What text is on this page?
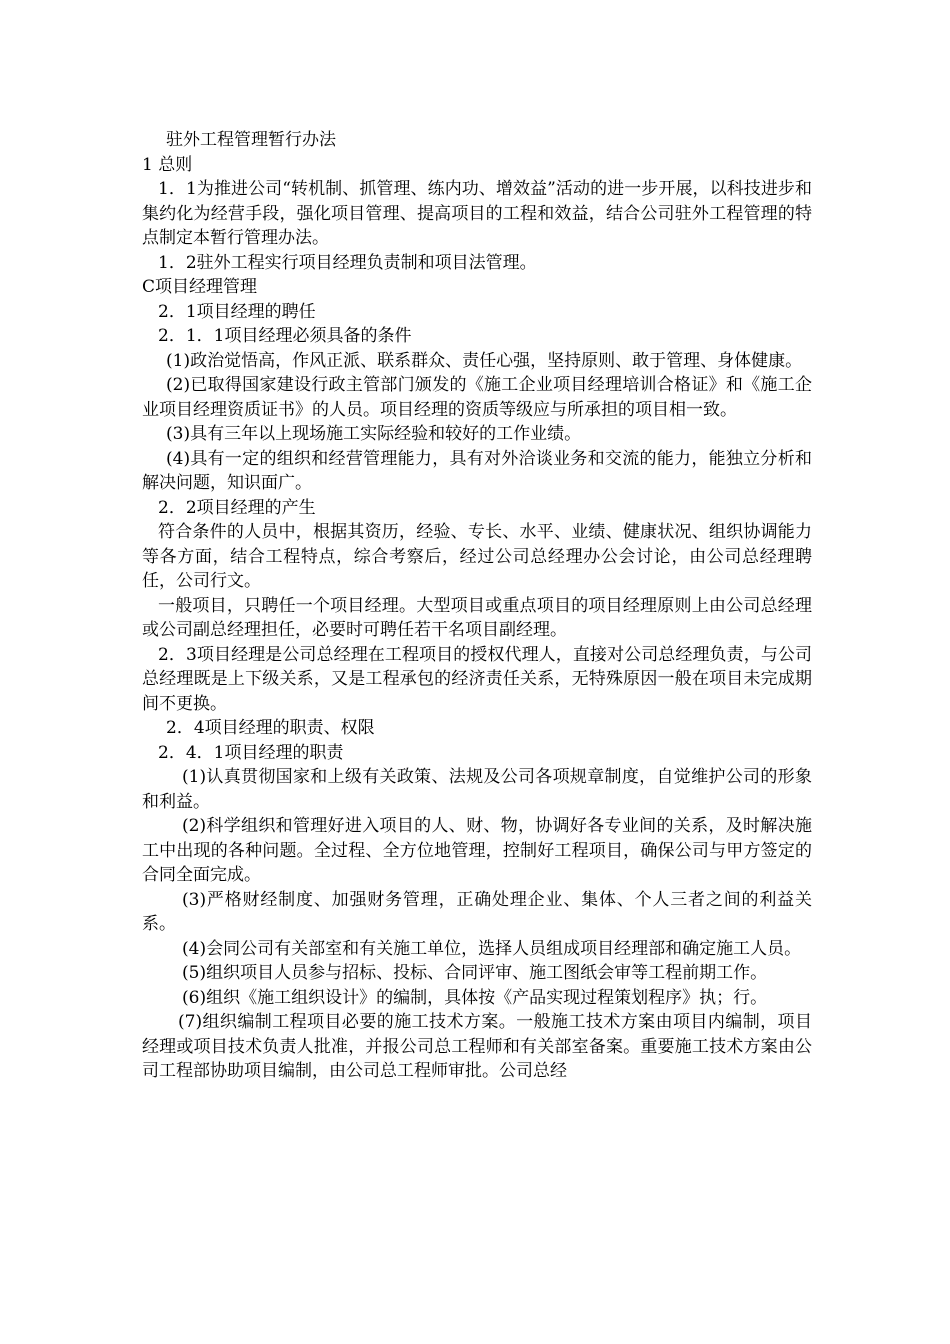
驻外工程管理暂行办法

1 总则

1．1为推进公司“转机制、抓管理、练内功、增效益”活动的进一步开展，以科技进步和集约化为经营手段，强化项目管理、提高项目的工程和效益，结合公司驻外工程管理的特点制定本暂行管理办法。

1．2驻外工程实行项目经理负责制和项目法管理。

C项目经理管理

2．1项目经理的聘任

2．1．1项目经理必须具备的条件

(1)政治觉悟高，作风正派、联系群众、责任心强，坚持原则、敢于管理、身体健康。

(2)已取得国家建设行政主管部门颁发的《施工企业项目经理培训合格证》和《施工企业项目经理资质证书》的人员。项目经理的资质等级应与所承担的项目相一致。

(3)具有三年以上现场施工实际经验和较好的工作业绩。

(4)具有一定的组织和经营管理能力，具有对外洽谈业务和交流的能力，能独立分析和解决问题，知识面广。

2．2项目经理的产生

符合条件的人员中，根据其资历，经验、专长、水平、业绩、健康状况、组织协调能力等各方面，结合工程特点，综合考察后，经过公司总经理办公会讨论，由公司总经理聘任，公司行文。

一般项目，只聘任一个项目经理。大型项目或重点项目的项目经理原则上由公司总经理或公司副总经理担任，必要时可聘任若干名项目副经理。

2．3项目经理是公司总经理在工程项目的授权代理人，直接对公司总经理负责，与公司总经理既是上下级关系，又是工程承包的经济责任关系，无特殊原因一般在项目未完成期间不更换。

2．4项目经理的职责、权限

2．4．1项目经理的职责

(1)认真贯彻国家和上级有关政策、法规及公司各项规章制度，自觉维护公司的形象和利益。

(2)科学组织和管理好进入项目的人、财、物，协调好各专业间的关系，及时解决施工中出现的各种问题。全过程、全方位地管理，控制好工程项目，确保公司与甲方签定的合同全面完成。

(3)严格财经制度、加强财务管理，正确处理企业、集体、个人三者之间的利益关系。

(4)会同公司有关部室和有关施工单位，选择人员组成项目经理部和确定施工人员。

(5)组织项目人员参与招标、投标、合同评审、施工图纸会审等工程前期工作。

(6)组织《施工组织设计》的编制，具体按《产品实现过程策划程序》执；行。

(7)组织编制工程项目必要的施工技术方案。一般施工技术方案由项目内编制，项目经理或项目技术负责人批准，并报公司总工程师和有关部室备案。重要施工技术方案由公司工程部协助项目编制，由公司总工程师审批。公司总经
